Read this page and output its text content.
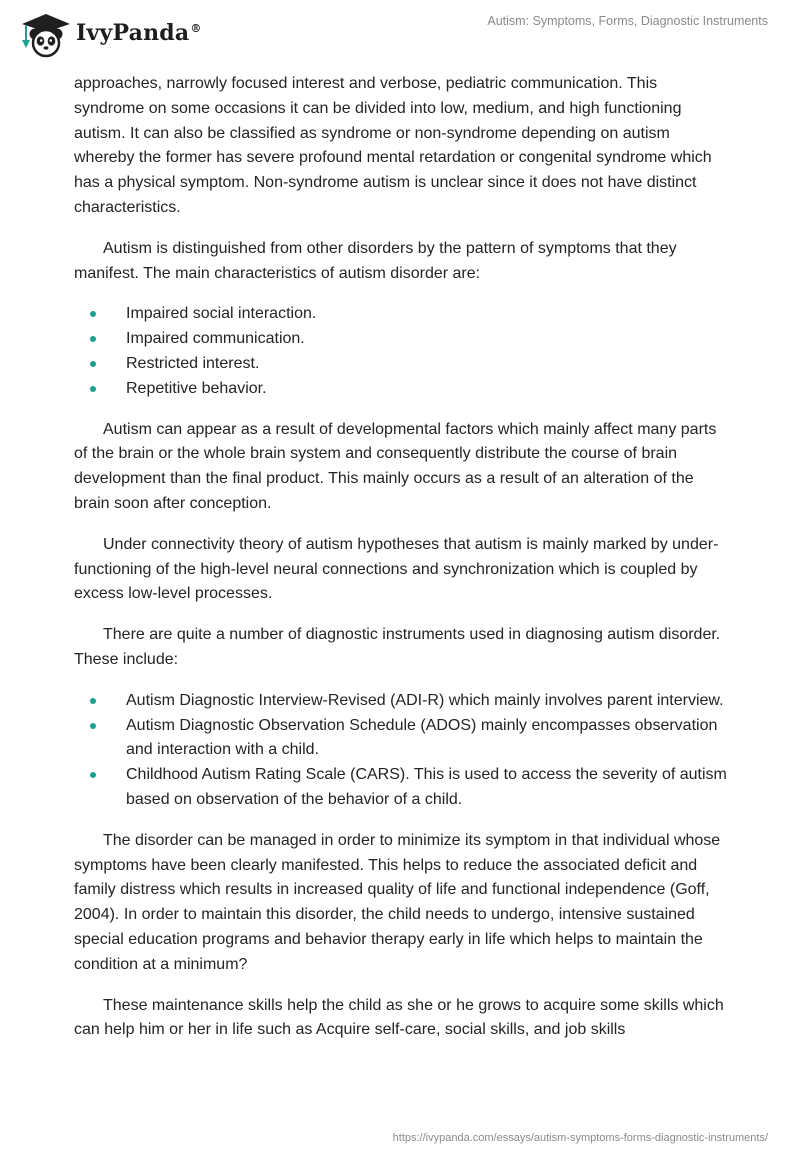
IvyPanda®
Autism: Symptoms, Forms, Diagnostic Instruments

approaches, narrowly focused interest and verbose, pediatric communication. This syndrome on some occasions it can be divided into low, medium, and high functioning autism. It can also be classified as syndrome or non-syndrome depending on autism whereby the former has severe profound mental retardation or congenital syndrome which has a physical symptom. Non-syndrome autism is unclear since it does not have distinct characteristics.

Autism is distinguished from other disorders by the pattern of symptoms that they manifest. The main characteristics of autism disorder are:

Impaired social interaction.
Impaired communication.
Restricted interest.
Repetitive behavior.

Autism can appear as a result of developmental factors which mainly affect many parts of the brain or the whole brain system and consequently distribute the course of brain development than the final product. This mainly occurs as a result of an alteration of the brain soon after conception.

Under connectivity theory of autism hypotheses that autism is mainly marked by under-functioning of the high-level neural connections and synchronization which is coupled by excess low-level processes.

There are quite a number of diagnostic instruments used in diagnosing autism disorder. These include:

Autism Diagnostic Interview-Revised (ADI-R) which mainly involves parent interview.
Autism Diagnostic Observation Schedule (ADOS) mainly encompasses observation and interaction with a child.
Childhood Autism Rating Scale (CARS). This is used to access the severity of autism based on observation of the behavior of a child.

The disorder can be managed in order to minimize its symptom in that individual whose symptoms have been clearly manifested. This helps to reduce the associated deficit and family distress which results in increased quality of life and functional independence (Goff, 2004). In order to maintain this disorder, the child needs to undergo, intensive sustained special education programs and behavior therapy early in life which helps to maintain the condition at a minimum?

These maintenance skills help the child as she or he grows to acquire some skills which can help him or her in life such as Acquire self-care, social skills, and job skills

https://ivypanda.com/essays/autism-symptoms-forms-diagnostic-instruments/
